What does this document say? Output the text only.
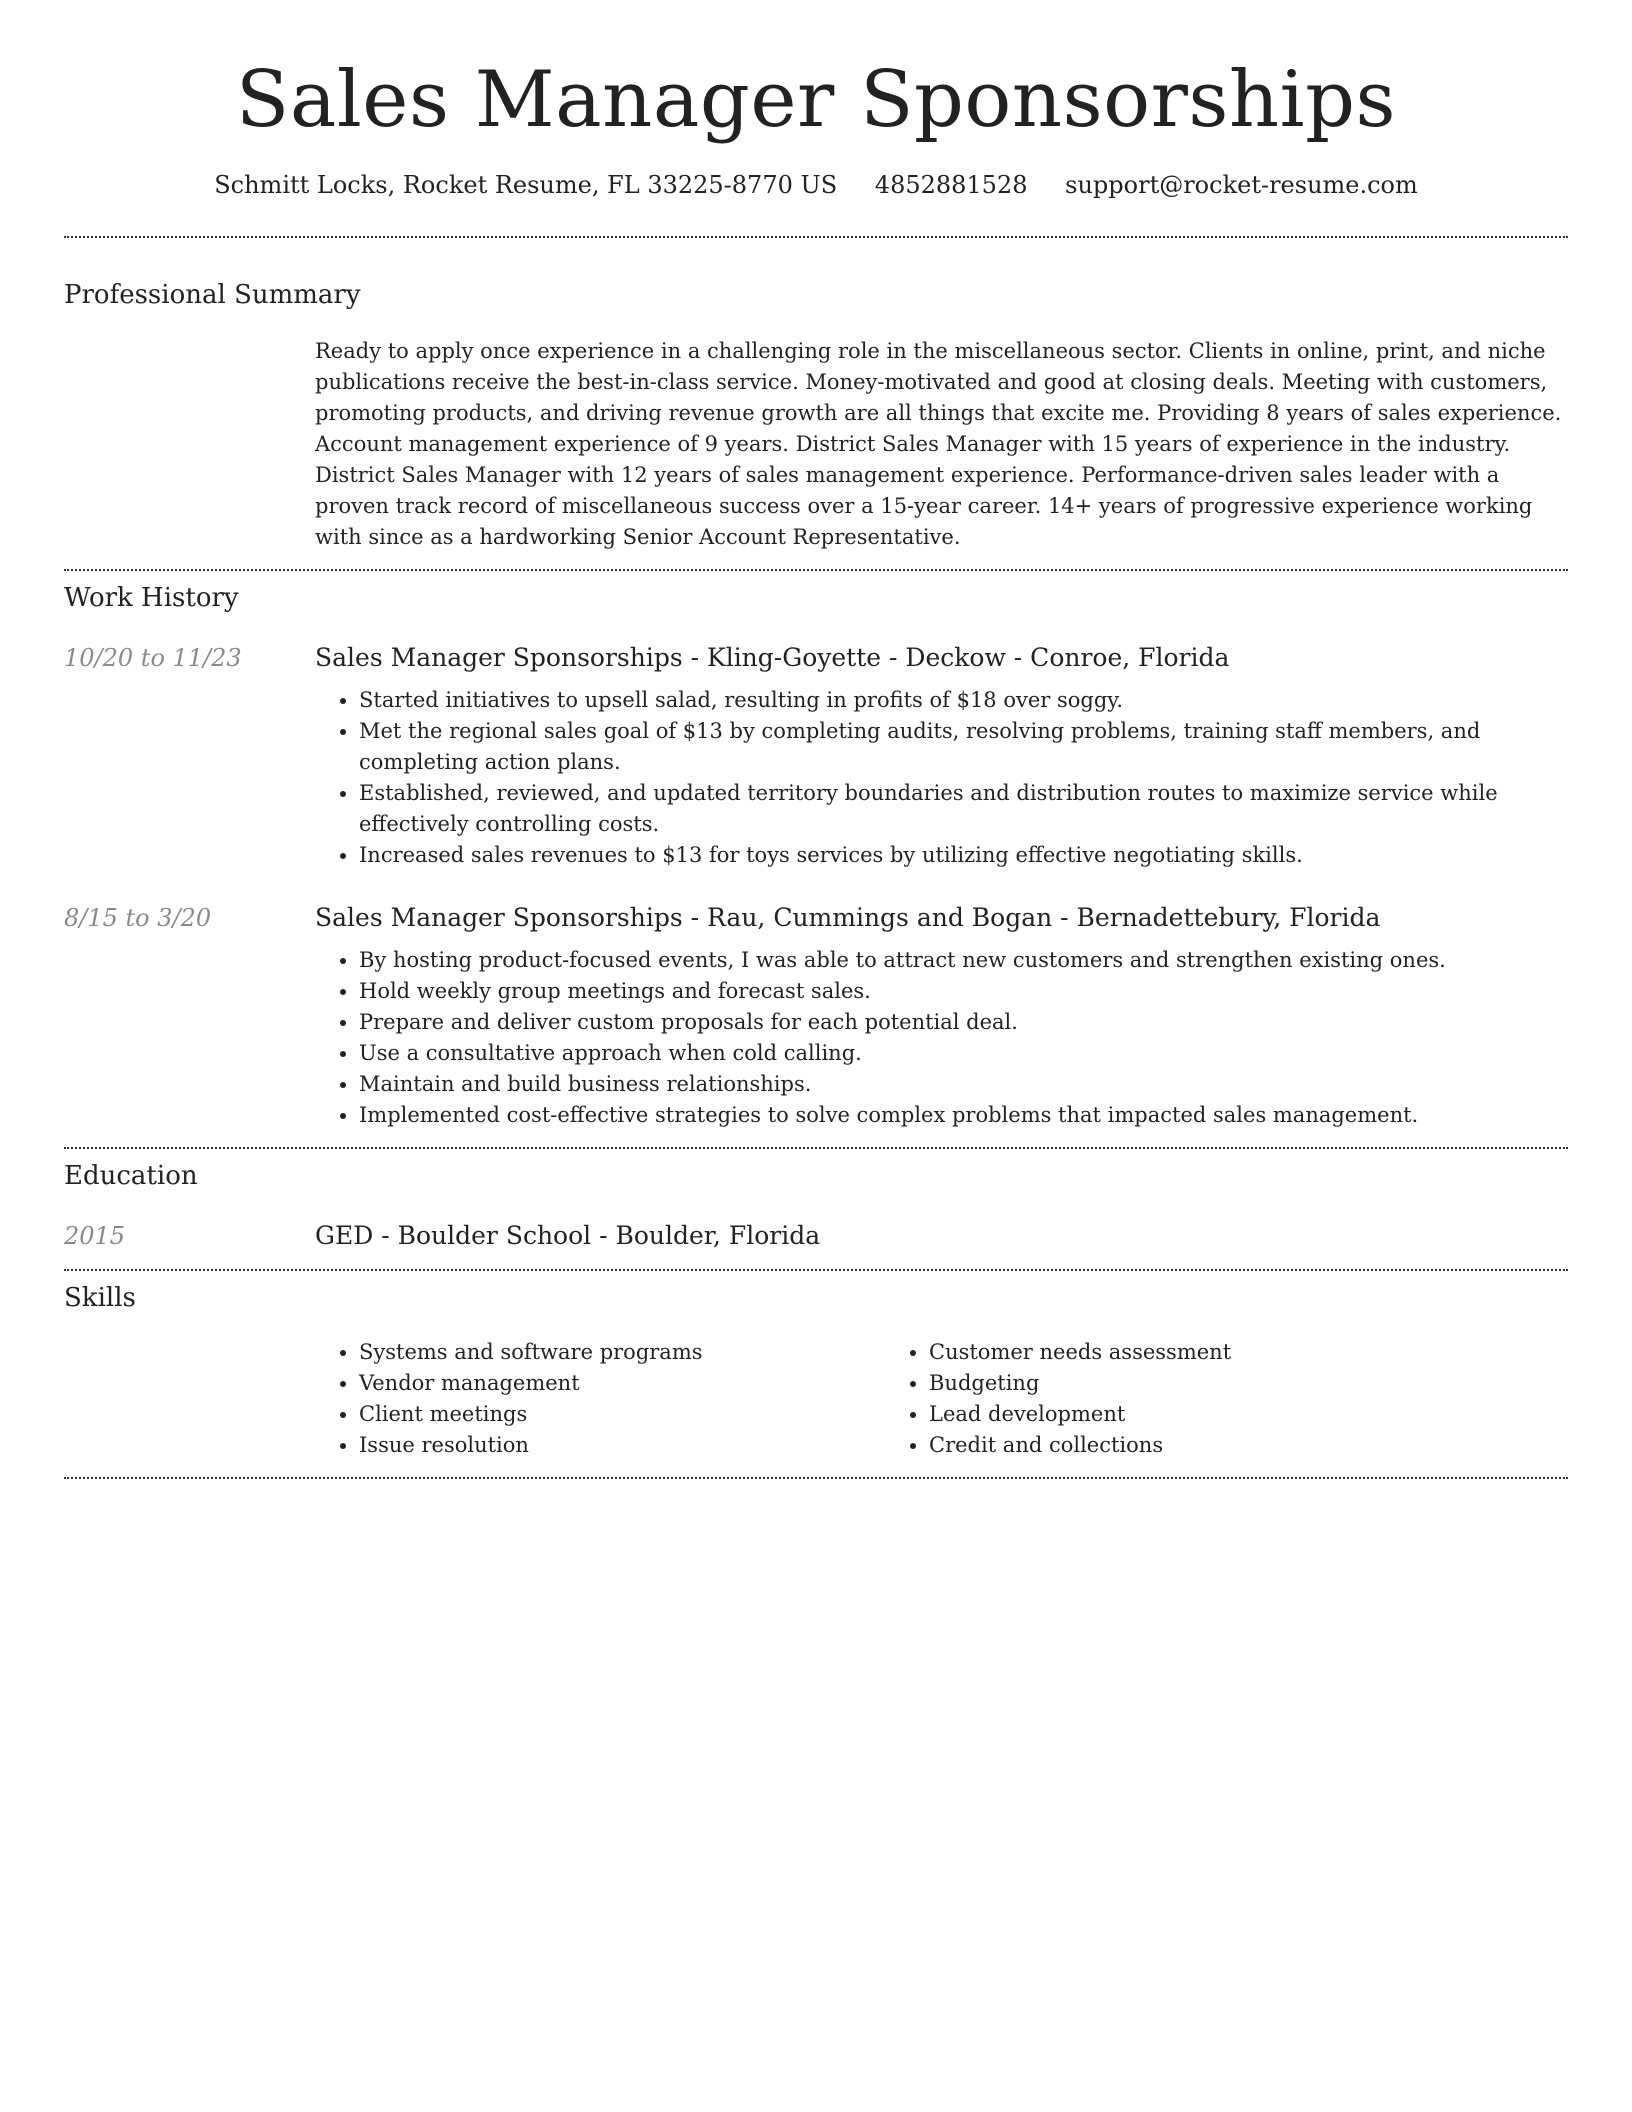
Sales Manager Sponsorships
Schmitt Locks, Rocket Resume, FL 33225-8770 US 4852881528 support@rocket-resume.com
Professional Summary

Ready to apply once experience in a challenging role in the miscellaneous sector. Clients in online, print, and niche publications receive the best-in-class service. Money-motivated and good at closing deals. Meeting with customers, promoting products, and driving revenue growth are all things that excite me. Providing 8 years of sales experience. Account management experience of 9 years. District Sales Manager with 15 years of experience in the industry. District Sales Manager with 12 years of sales management experience. Performance-driven sales leader with a proven track record of miscellaneous success over a 15-year career. 14+ years of progressive experience working with since as a hardworking Senior Account Representative.

Work History
10/20 to 11/23	Sales Manager Sponsorships - Kling-Goyette - Deckow - Conroe, Florida
• Started initiatives to upsell salad, resulting in profits of $18 over soggy.
• Met the regional sales goal of $13 by completing audits, resolving problems, training staff members, and completing action plans.
• Established, reviewed, and updated territory boundaries and distribution routes to maximize service while effectively controlling costs.
• Increased sales revenues to $13 for toys services by utilizing effective negotiating skills.
8/15 to 3/20	Sales Manager Sponsorships - Rau, Cummings and Bogan - Bernadettebury, Florida
• By hosting product-focused events, I was able to attract new customers and strengthen existing ones.
• Hold weekly group meetings and forecast sales.
• Prepare and deliver custom proposals for each potential deal.
• Use a consultative approach when cold calling.
• Maintain and build business relationships.
• Implemented cost-effective strategies to solve complex problems that impacted sales management.
Education
2015	GED - Boulder School - Boulder, Florida
Skills
• Systems and software programs
• Vendor management
• Client meetings
• Issue resolution
• Customer needs assessment
• Budgeting
• Lead development
• Credit and collections
